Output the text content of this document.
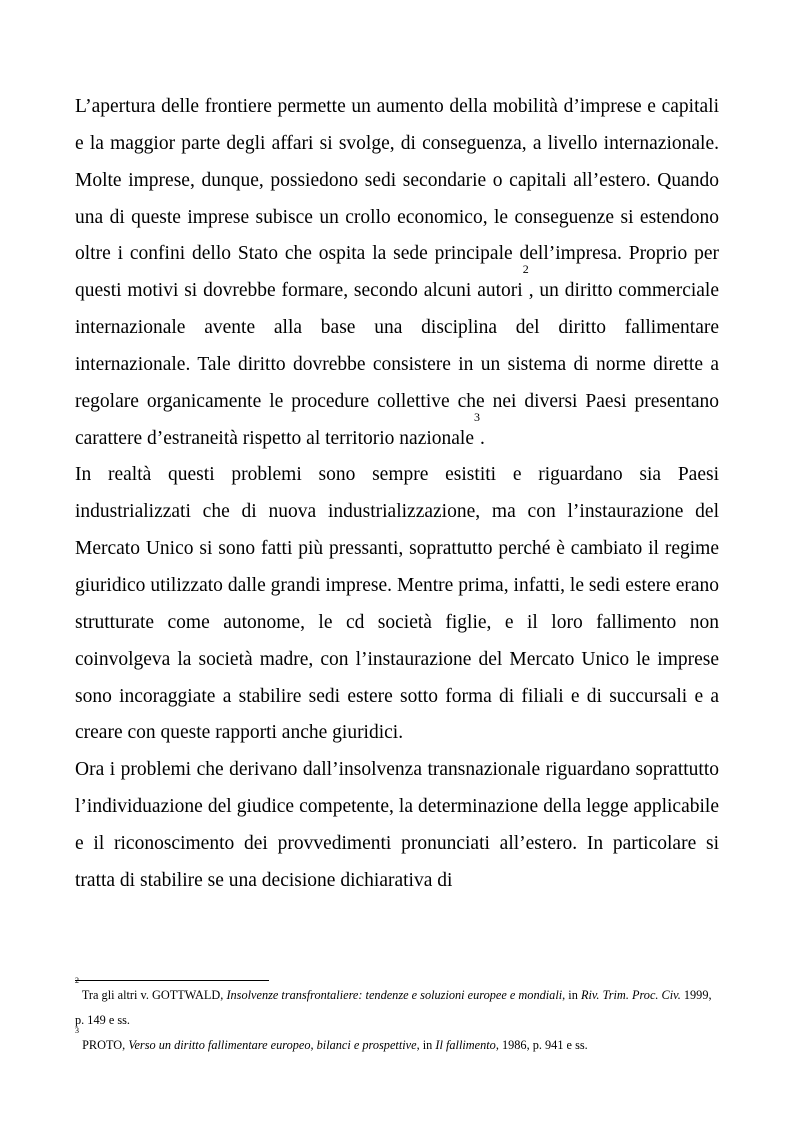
L’apertura delle frontiere permette un aumento della mobilità d’imprese e capitali e la maggior parte degli affari si svolge, di conseguenza, a livello internazionale. Molte imprese, dunque, possiedono sedi secondarie o capitali all’estero. Quando una di queste imprese subisce un crollo economico, le conseguenze si estendono oltre i confini dello Stato che ospita la sede principale dell’impresa. Proprio per questi motivi si dovrebbe formare, secondo alcuni autori$^2$, un diritto commerciale internazionale avente alla base una disciplina del diritto fallimentare internazionale. Tale diritto dovrebbe consistere in un sistema di norme dirette a regolare organicamente le procedure collettive che nei diversi Paesi presentano carattere d’estraneità rispetto al territorio nazionale$^3$.

In realtà questi problemi sono sempre esistiti e riguardano sia Paesi industrializzati che di nuova industrializzazione, ma con l’instaurazione del Mercato Unico si sono fatti più pressanti, soprattutto perché è cambiato il regime giuridico utilizzato dalle grandi imprese. Mentre prima, infatti, le sedi estere erano strutturate come autonome, le cd società figlie, e il loro fallimento non coinvolgeva la società madre, con l’instaurazione del Mercato Unico le imprese sono incoraggiate a stabilire sedi estere sotto forma di filiali e di succursali e a creare con queste rapporti anche giuridici.

Ora i problemi che derivano dall’insolvenza transnazionale riguardano soprattutto l’individuazione del giudice competente, la determinazione della legge applicabile e il riconoscimento dei provvedimenti pronunciati all’estero. In particolare si tratta di stabilire se una decisione dichiarativa di

$^2$ Tra gli altri v. GOTTWALD, Insolvenze transfrontaliere: tendenze e soluzioni europee e mondiali, in Riv. Trim. Proc. Civ. 1999, p. 149 e ss.

$^3$ PROTO, Verso un diritto fallimentare europeo, bilanci e prospettive, in Il fallimento, 1986, p. 941 e ss.
